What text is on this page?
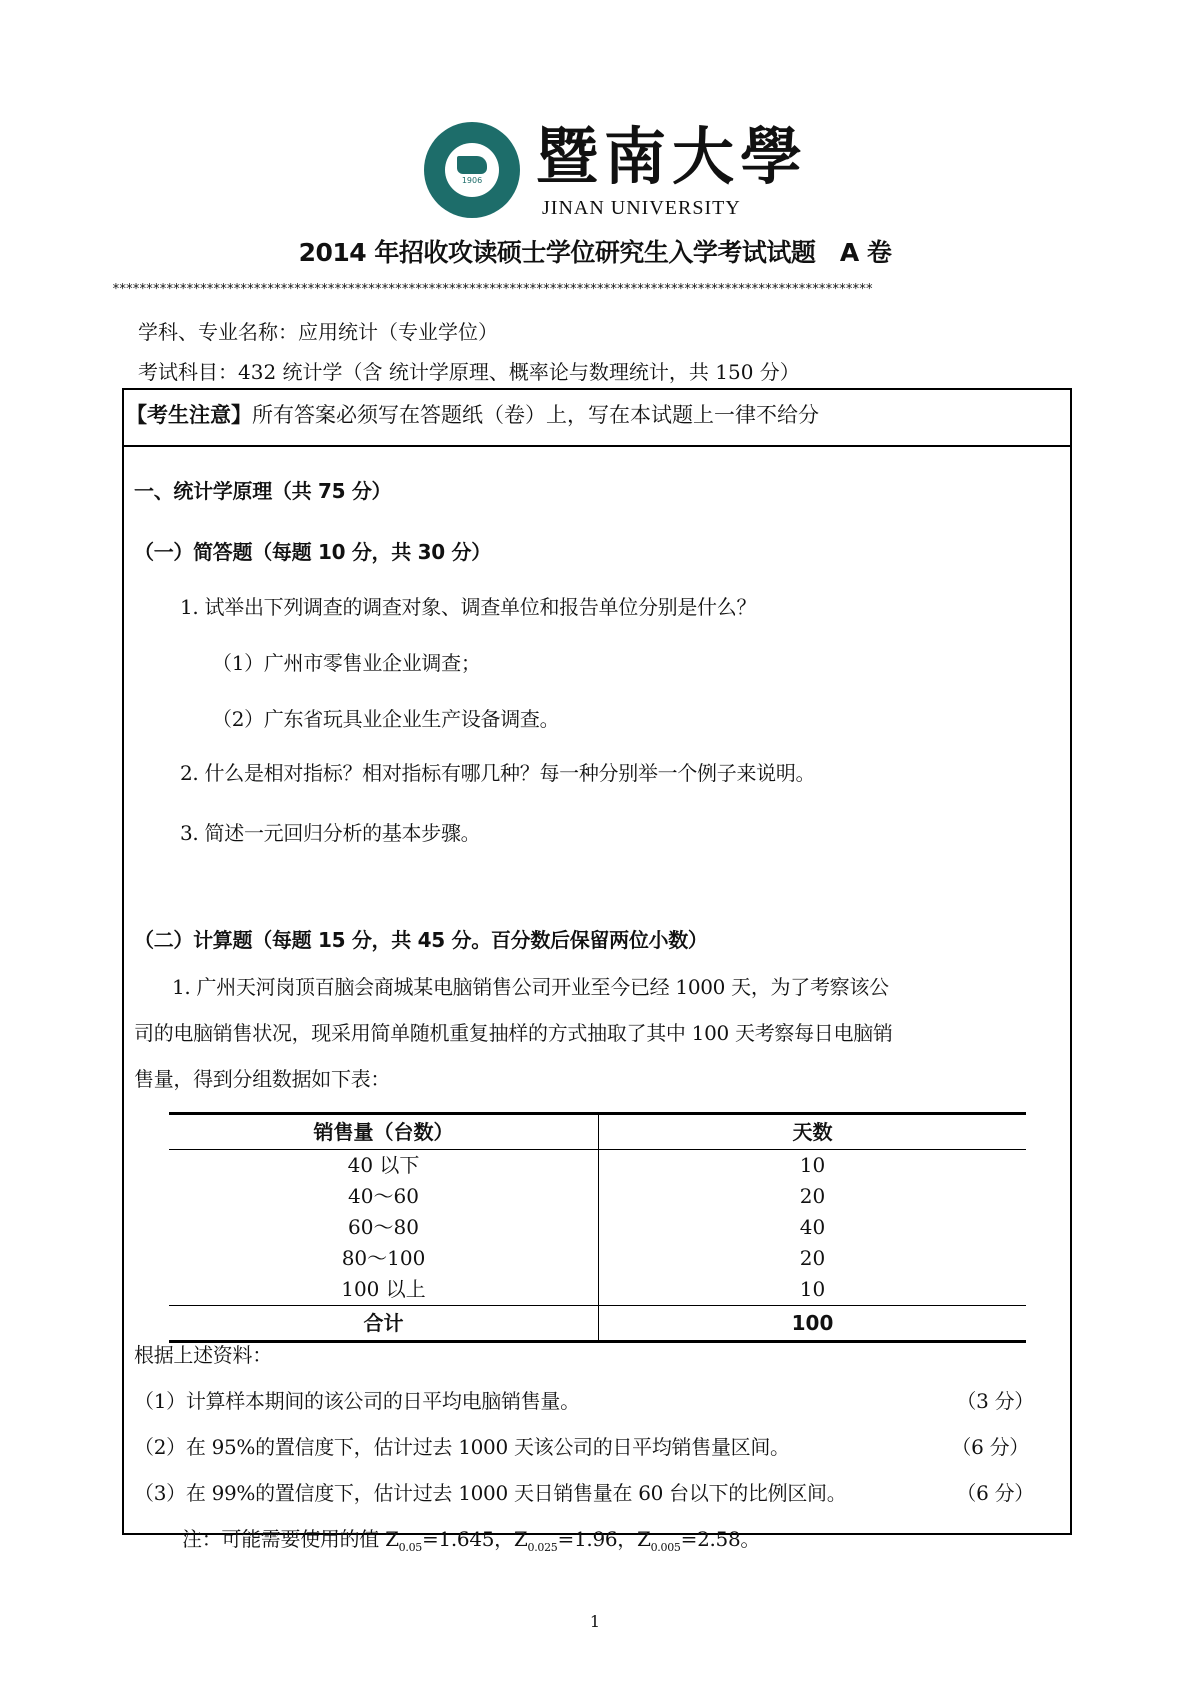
1906 暨南大學
JINAN UNIVERSITY
2014 年招收攻读硕士学位研究生入学考试试题　A 卷
*****************************************************************************************************************
学科、专业名称：应用统计（专业学位）
考试科目：432 统计学（含 统计学原理、概率论与数理统计，共 150 分）
【考生注意】所有答案必须写在答题纸（卷）上，写在本试题上一律不给分
一、统计学原理（共 75 分）
（一）简答题（每题 10 分，共 30 分）
1. 试举出下列调查的调查对象、调查单位和报告单位分别是什么？
（1）广州市零售业企业调查；
（2）广东省玩具业企业生产设备调查。
2. 什么是相对指标？相对指标有哪几种？每一种分别举一个例子来说明。
3. 简述一元回归分析的基本步骤。
（二）计算题（每题 15 分，共 45 分。百分数后保留两位小数）
1. 广州天河岗顶百脑会商城某电脑销售公司开业至今已经 1000 天，为了考察该公
司的电脑销售状况，现采用简单随机重复抽样的方式抽取了其中 100 天考察每日电脑销
售量，得到分组数据如下表：
销售量（台数）	天数
40 以下	10
40～60	20
60～80	40
80～100	20
100 以上	10
合计	100
根据上述资料：
（1）计算样本期间的该公司的日平均电脑销售量。	（3 分）
（2）在 95%的置信度下，估计过去 1000 天该公司的日平均销售量区间。	（6 分）
（3）在 99%的置信度下，估计过去 1000 天日销售量在 60 台以下的比例区间。	（6 分）
注：可能需要使用的值 $Z_{0.05}=1.645$，$Z_{0.025}=1.96$，$Z_{0.005}=2.58$。
1
